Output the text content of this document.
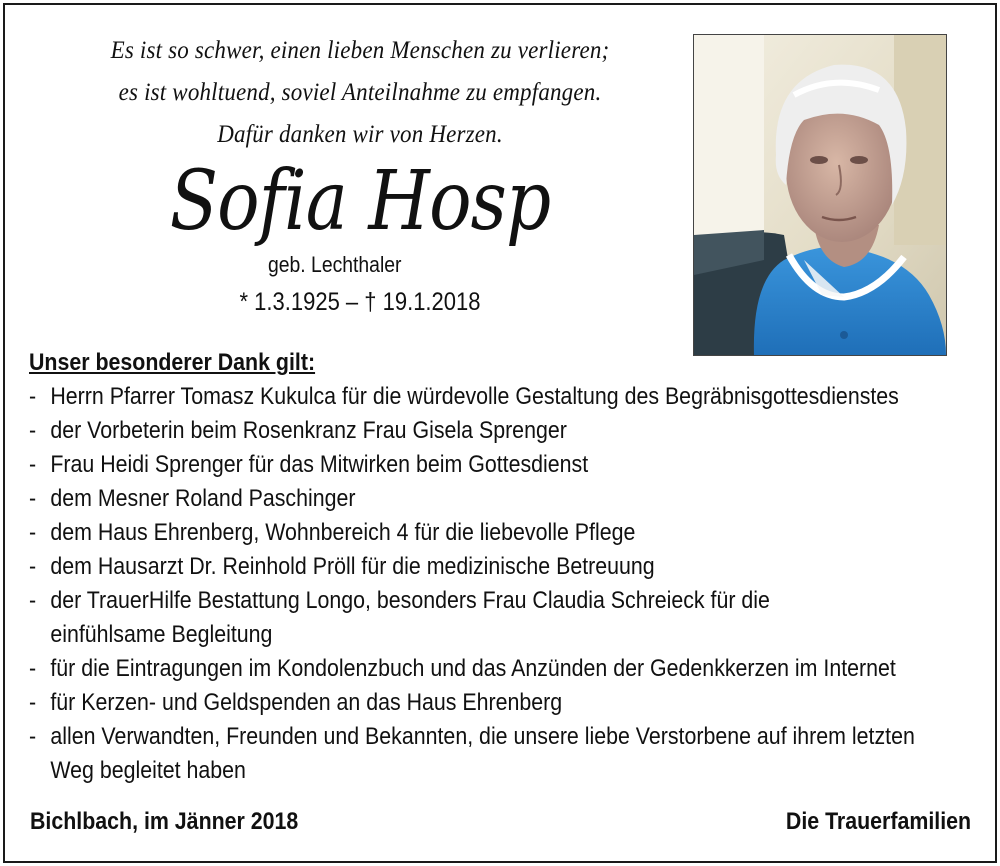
Es ist so schwer, einen lieben Menschen zu verlieren;
es ist wohltuend, soviel Anteilnahme zu empfangen.
Dafür danken wir von Herzen.
Sofia Hosp
geb. Lechthaler
* 1.3.1925 – † 19.1.2018
Unser besonderer Dank gilt:
- Herrn Pfarrer Tomasz Kukulca für die würdevolle Gestaltung des Begräbnisgottesdienstes
- der Vorbeterin beim Rosenkranz Frau Gisela Sprenger
- Frau Heidi Sprenger für das Mitwirken beim Gottesdienst
- dem Mesner Roland Paschinger
- dem Haus Ehrenberg, Wohnbereich 4 für die liebevolle Pflege
- dem Hausarzt Dr. Reinhold Pröll für die medizinische Betreuung
- der TrauerHilfe Bestattung Longo, besonders Frau Claudia Schreieck für die
einfühlsame Begleitung
- für die Eintragungen im Kondolenzbuch und das Anzünden der Gedenkkerzen im Internet
- für Kerzen- und Geldspenden an das Haus Ehrenberg
- allen Verwandten, Freunden und Bekannten, die unsere liebe Verstorbene auf ihrem letzten
Weg begleitet haben
Bichlbach, im Jänner 2018	Die Trauerfamilien
